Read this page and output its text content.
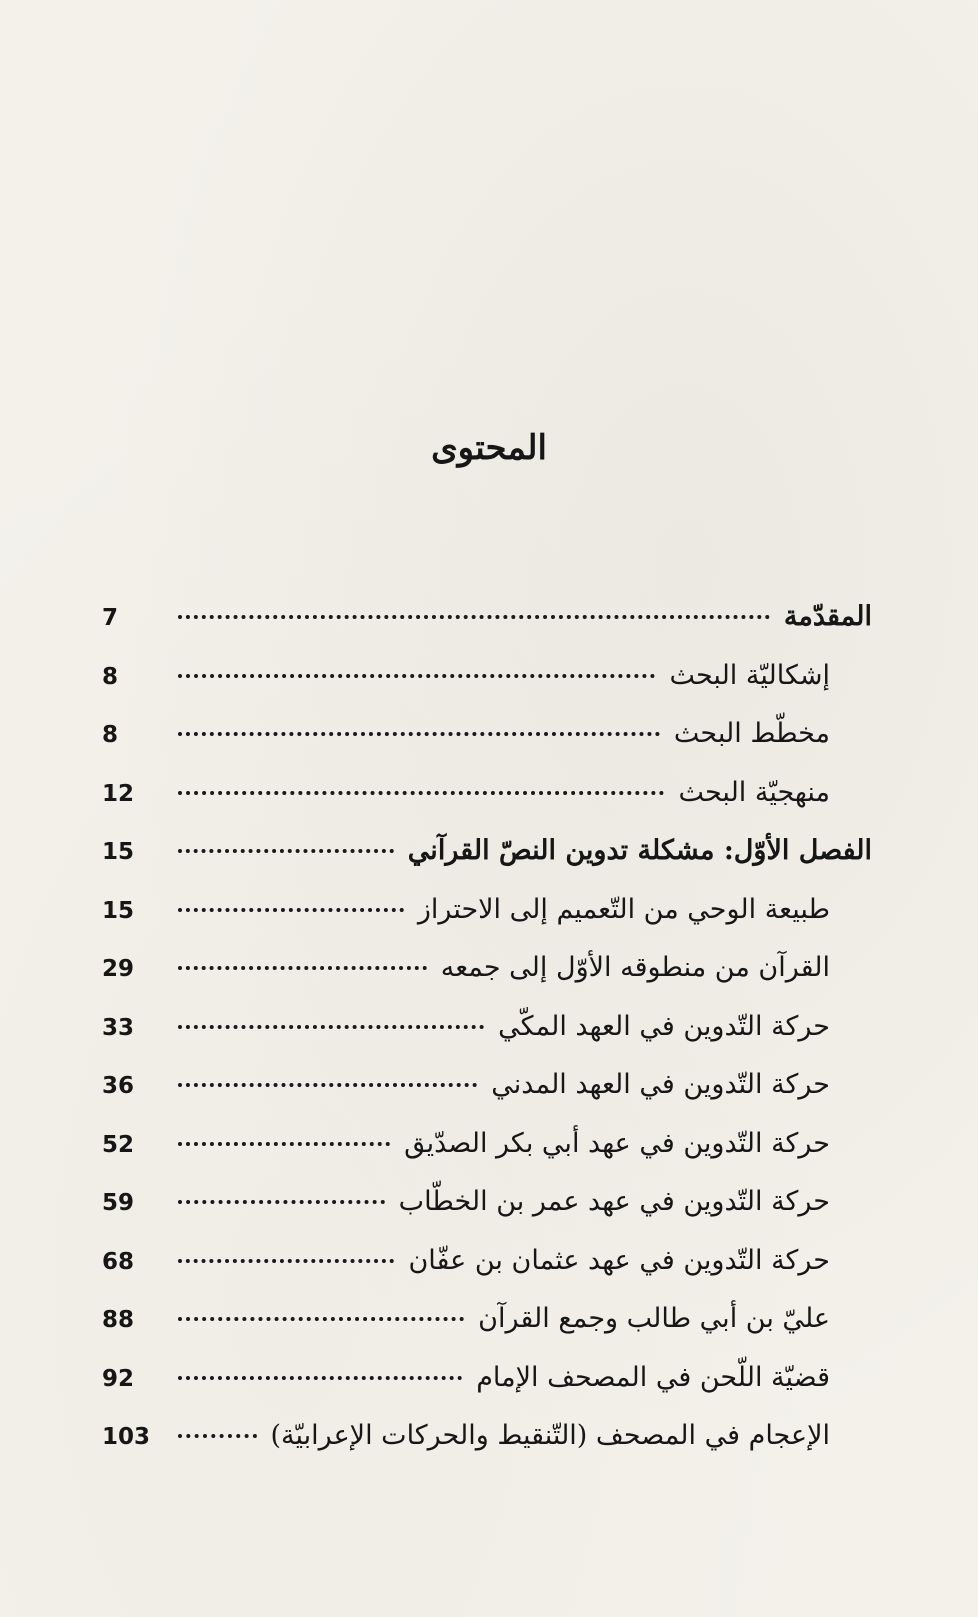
المحتوى
7	المقدّمة
8	إشكاليّة البحث
8	مخطّط البحث
12	منهجيّة البحث
15	الفصل الأوّل: مشكلة تدوين النصّ القرآني
15	طبيعة الوحي من التّعميم إلى الاحتراز
29	القرآن من منطوقه الأوّل إلى جمعه
33	حركة التّدوين في العهد المكّي
36	حركة التّدوين في العهد المدني
52	حركة التّدوين في عهد أبي بكر الصدّيق
59	حركة التّدوين في عهد عمر بن الخطّاب
68	حركة التّدوين في عهد عثمان بن عفّان
88	عليّ بن أبي طالب وجمع القرآن
92	قضيّة اللّحن في المصحف الإمام
103	الإعجام في المصحف (التّنقيط والحركات الإعرابيّة)
